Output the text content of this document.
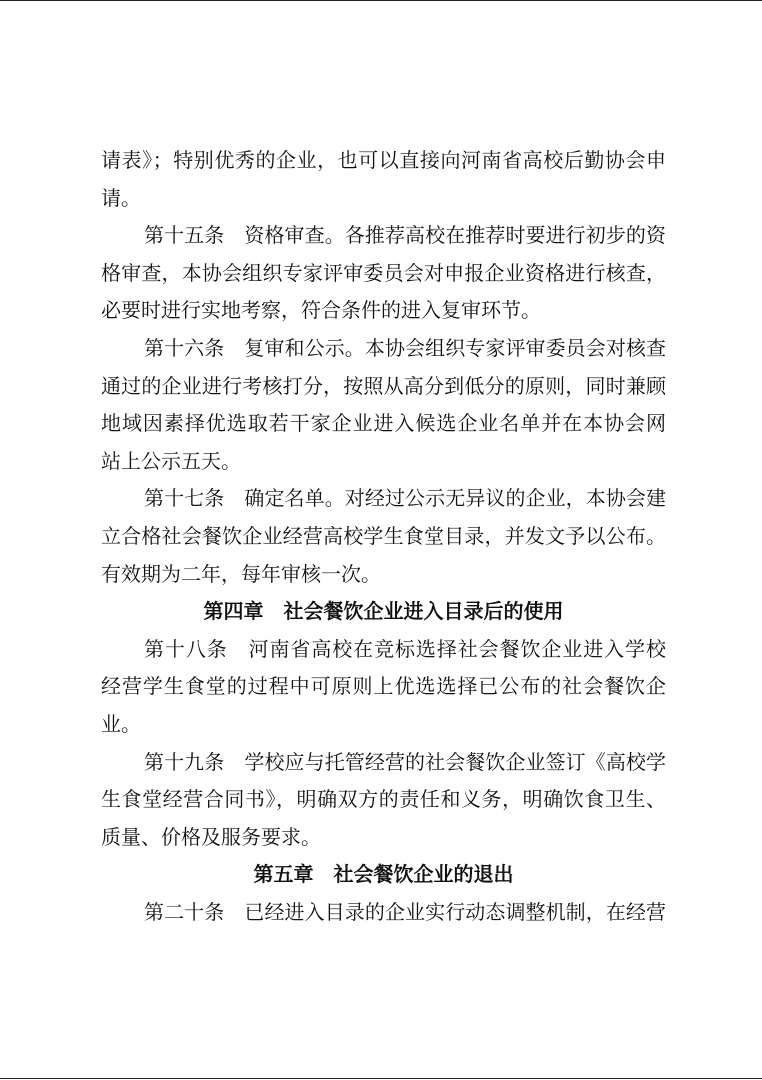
请表》；特别优秀的企业，也可以直接向河南省高校后勤协会申
请。
第十五条　资格审查。各推荐高校在推荐时要进行初步的资
格审查，本协会组织专家评审委员会对申报企业资格进行核查，
必要时进行实地考察，符合条件的进入复审环节。
第十六条　复审和公示。本协会组织专家评审委员会对核查
通过的企业进行考核打分，按照从高分到低分的原则，同时兼顾
地域因素择优选取若干家企业进入候选企业名单并在本协会网
站上公示五天。
第十七条　确定名单。对经过公示无异议的企业，本协会建
立合格社会餐饮企业经营高校学生食堂目录，并发文予以公布。
有效期为二年，每年审核一次。
第四章　社会餐饮企业进入目录后的使用
第十八条　河南省高校在竞标选择社会餐饮企业进入学校
经营学生食堂的过程中可原则上优选选择已公布的社会餐饮企
业。
第十九条　学校应与托管经营的社会餐饮企业签订《高校学
生食堂经营合同书》，明确双方的责任和义务，明确饮食卫生、
质量、价格及服务要求。
第五章　社会餐饮企业的退出
第二十条　已经进入目录的企业实行动态调整机制，在经营
